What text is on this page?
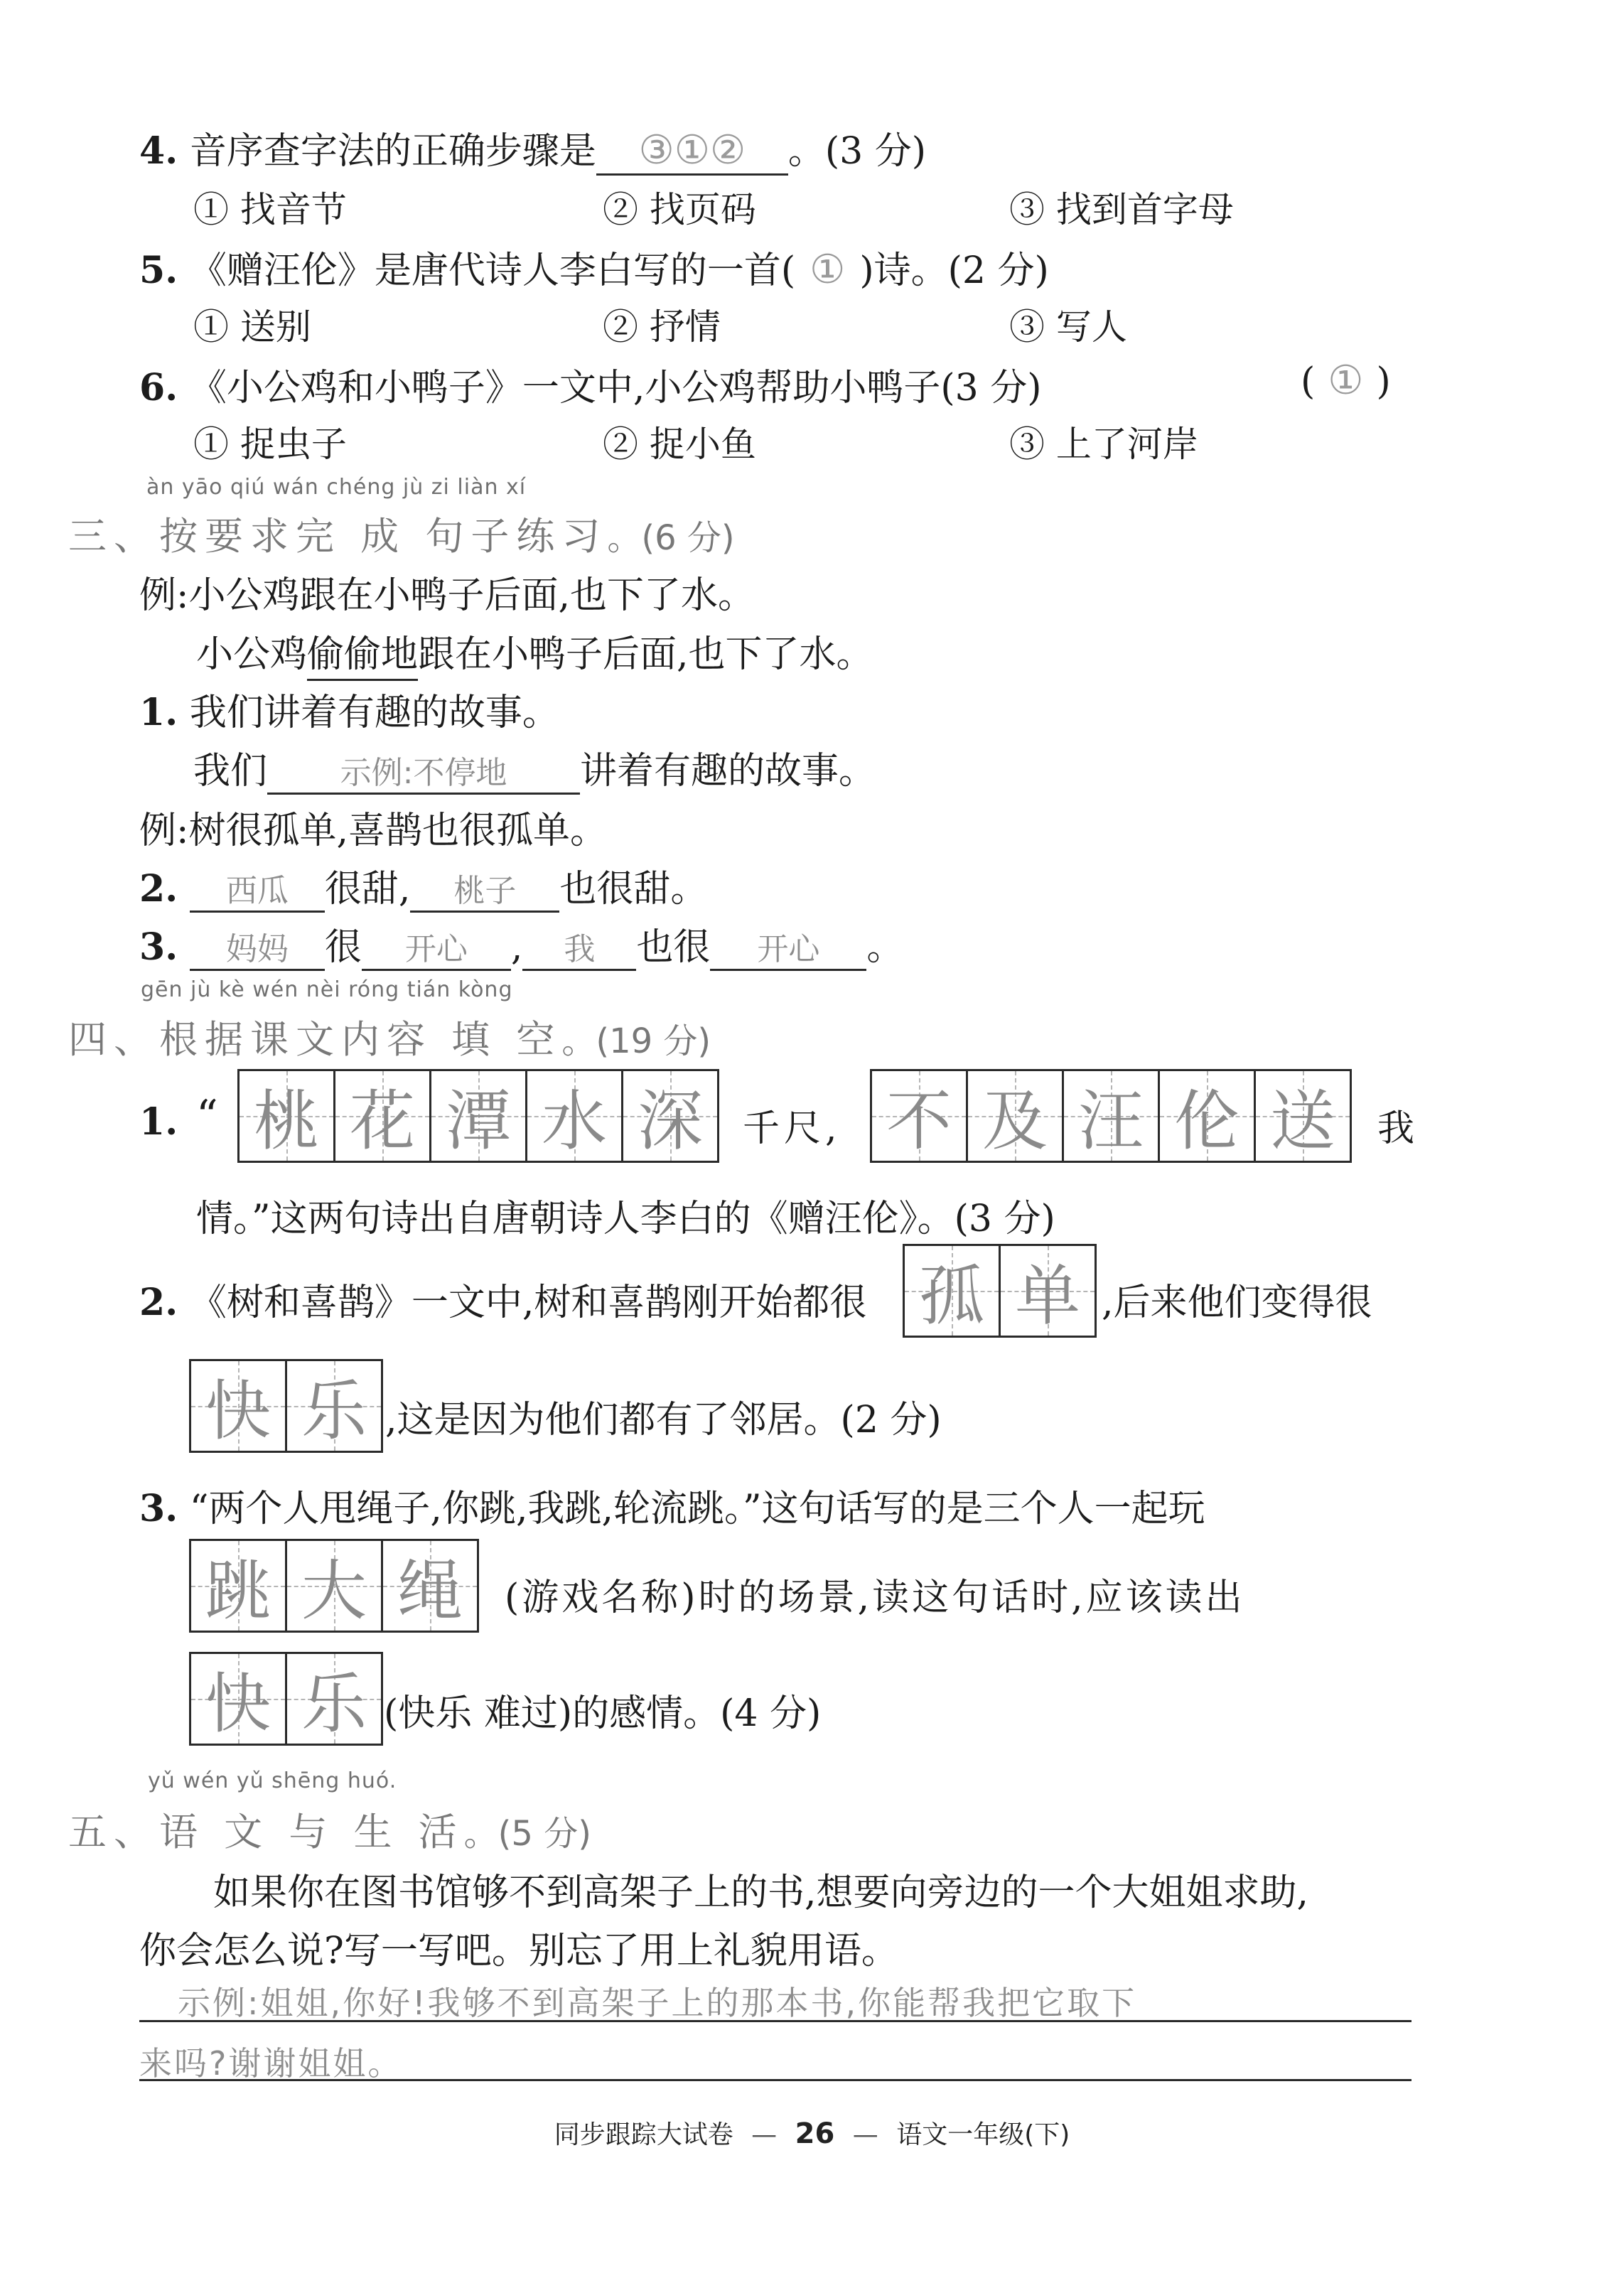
4. 音序查字法的正确步骤是 ③①② 。(3 分)
① 找音节	② 找页码	③ 找到首字母
5. 《赠汪伦》是唐代诗人李白写的一首( ① )诗。(2 分)
① 送别	② 抒情	③ 写人
6. 《小公鸡和小鸭子》一文中,小公鸡帮助小鸭子(3 分)	( ① )
① 捉虫子	② 捉小鱼	③ 上了河岸
àn yāo qiú wán chéng jù zi liàn xí
三、按要求完 成 句子练习。(6 分)
例:小公鸡跟在小鸭子后面,也下了水。
小公鸡偷偷地跟在小鸭子后面,也下了水。
1. 我们讲着有趣的故事。
我们 示例:不停地 讲着有趣的故事。
例:树很孤单,喜鹊也很孤单。
2. 西瓜 很甜, 桃子 也很甜。
3. 妈妈 很 开心 , 我 也很 开心 。
gēn jù kè wén nèi róng tián kòng
四、根据课文内容 填 空。(19 分)
1. “ 桃 花 潭 水 深 千尺, 不 及 汪 伦 送 我
情。”这两句诗出自唐朝诗人李白的《赠汪伦》。(3 分)
2. 《树和喜鹊》一文中,树和喜鹊刚开始都很 孤 单 ,后来他们变得很
快 乐 ,这是因为他们都有了邻居。(2 分)
3. “两个人甩绳子,你跳,我跳,轮流跳。”这句话写的是三个人一起玩
跳 大 绳 (游戏名称)时的场景,读这句话时,应该读出
快 乐 (快乐 难过)的感情。(4 分)
yǔ wén yǔ shēng huó.
五、语 文 与 生 活。(5 分)
如果你在图书馆够不到高架子上的书,想要向旁边的一个大姐姐求助,
你会怎么说?写一写吧。别忘了用上礼貌用语。
示例:姐姐,你好!我够不到高架子上的那本书,你能帮我把它取下
来吗?谢谢姐姐。
同步跟踪大试卷 — 26 — 语文一年级(下)
